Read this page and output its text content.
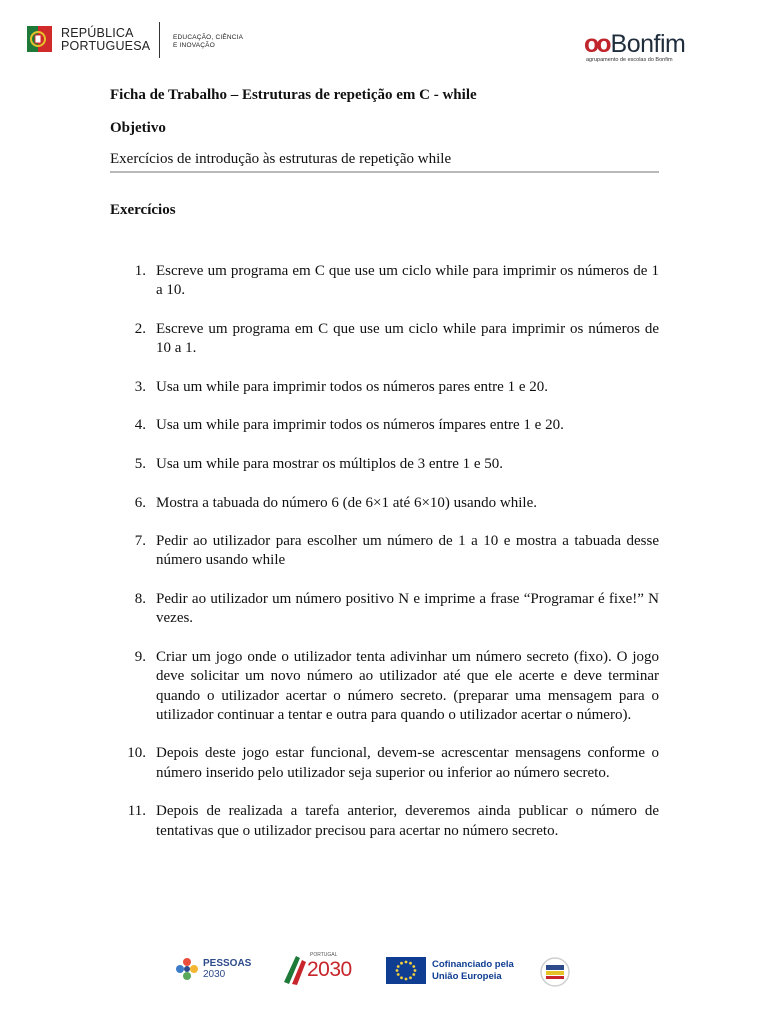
REPÚBLICA
PORTUGUESA
EDUCAÇÃO, CIÊNCIA
E INOVAÇÃO	oo Bonfim
agrupamento de escolas do Bonfim
Ficha de Trabalho – Estruturas de repetição em C - while
Objetivo
Exercícios de introdução às estruturas de repetição while
Exercícios
1. Escreve um programa em C que use um ciclo while para imprimir os números de 1 a 10.
2. Escreve um programa em C que use um ciclo while para imprimir os números de 10 a 1.
3. Usa um while para imprimir todos os números pares entre 1 e 20.
4. Usa um while para imprimir todos os números ímpares entre 1 e 20.
5. Usa um while para mostrar os múltiplos de 3 entre 1 e 50.
6. Mostra a tabuada do número 6 (de 6×1 até 6×10) usando while.
7. Pedir ao utilizador para escolher um número de 1 a 10 e mostra a tabuada desse número usando while
8. Pedir ao utilizador um número positivo N e imprime a frase “Programar é fixe!” N vezes.
9. Criar um jogo onde o utilizador tenta adivinhar um número secreto (fixo). O jogo deve solicitar um novo número ao utilizador até que ele acerte e deve terminar quando o utilizador acertar o número secreto. (preparar uma mensagem para o utilizador continuar a tentar e outra para quando o utilizador acertar o número).
10. Depois deste jogo estar funcional, devem-se acrescentar mensagens conforme o número inserido pelo utilizador seja superior ou inferior ao número secreto.
11. Depois de realizada a tarefa anterior, deveremos ainda publicar o número de tentativas que o utilizador precisou para acertar no número secreto.
PESSOAS
2030
PORTUGAL
2030	Cofinanciado pela
União Europeia
